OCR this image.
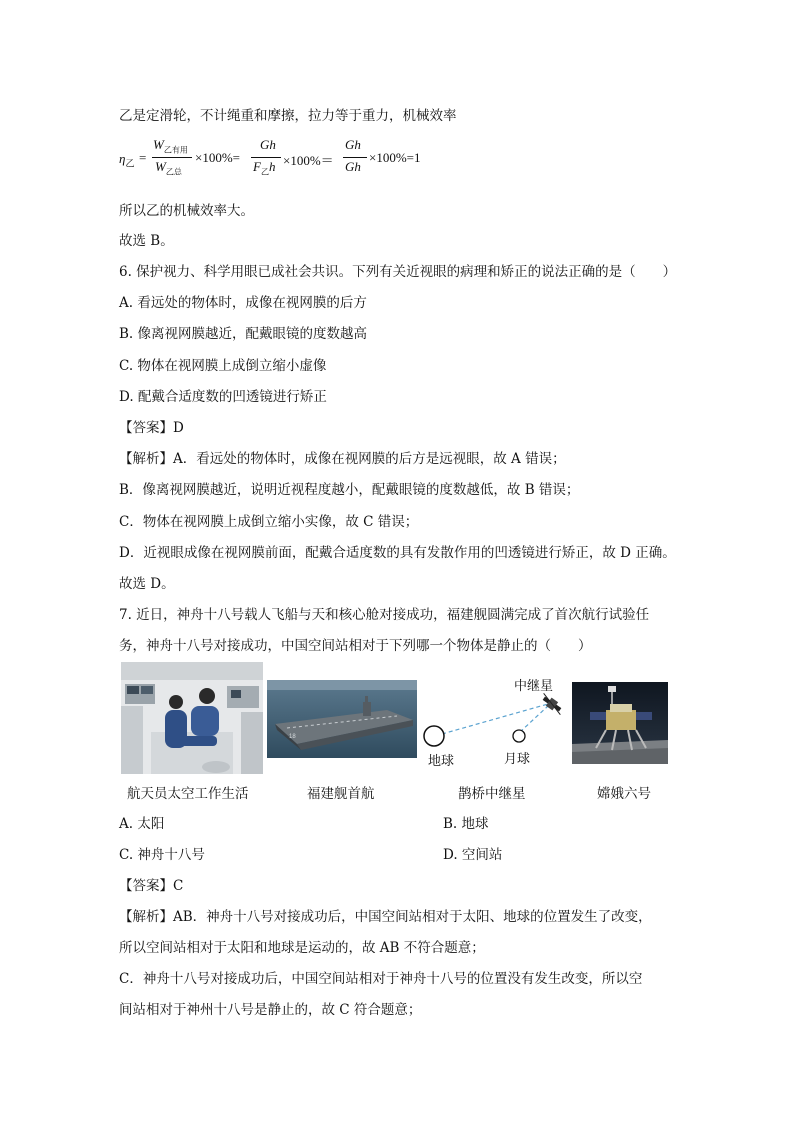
乙是定滑轮，不计绳重和摩擦，拉力等于重力，机械效率
$\eta_乙$ =
$W_{乙有用}$
$W_{乙总}$
×100%=
Gh
$F_乙h \times 100\%=$
Gh
Gh
×100%=1
所以乙的机械效率大。
故选 B。
6. 保护视力、科学用眼已成社会共识。下列有关近视眼的病理和矫正的说法正确的是（　　）
A. 看远处的物体时，成像在视网膜的后方
B. 像离视网膜越近，配戴眼镜的度数越高
C. 物体在视网膜上成倒立缩小虚像
D. 配戴合适度数的凹透镜进行矫正
【答案】D
【解析】A．看远处的物体时，成像在视网膜的后方是远视眼，故 A 错误；
B．像离视网膜越近，说明近视程度越小，配戴眼镜的度数越低，故 B 错误；
C．物体在视网膜上成倒立缩小实像，故 C 错误；
D．近视眼成像在视网膜前面，配戴合适度数的具有发散作用的凹透镜进行矫正，故 D 正确。
故选 D。
7. 近日，神舟十八号载人飞船与天和核心舱对接成功，福建舰圆满完成了首次航行试验任
务，神舟十八号对接成功，中国空间站相对于下列哪一个物体是静止的（　　）
18
中继星
地球	月球
航天员太空工作生活	福建舰首航	鹊桥中继星	嫦娥六号
A. 太阳	B. 地球
C. 神舟十八号	D. 空间站
【答案】C
【解析】AB．神舟十八号对接成功后，中国空间站相对于太阳、地球的位置发生了改变，
所以空间站相对于太阳和地球是运动的，故 AB 不符合题意；
C．神舟十八号对接成功后，中国空间站相对于神舟十八号的位置没有发生改变，所以空
间站相对于神州十八号是静止的，故 C 符合题意；
